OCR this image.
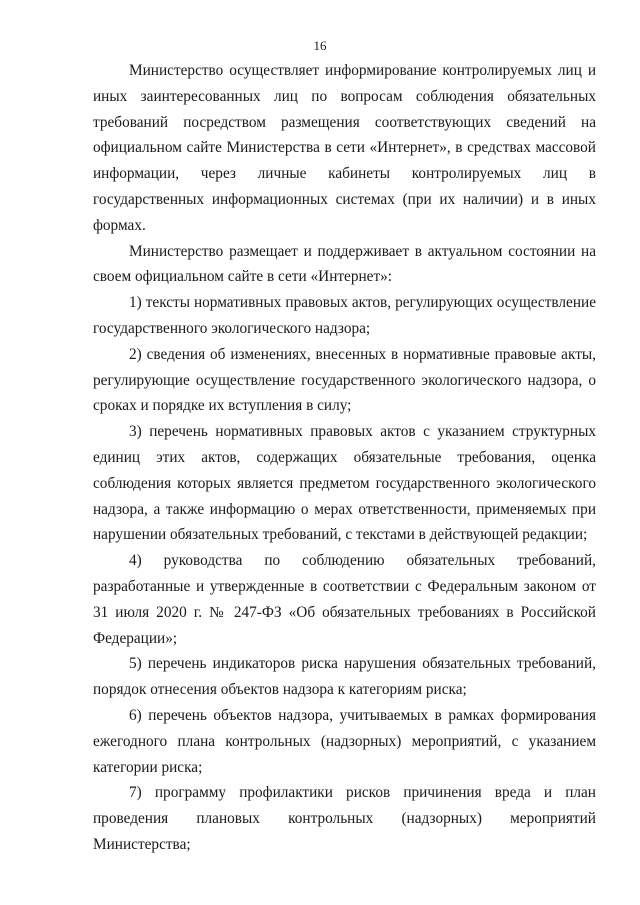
16

Министерство осуществляет информирование контролируемых лиц и иных заинтересованных лиц по вопросам соблюдения обязательных требований посредством размещения соответствующих сведений на официальном сайте Министерства в сети «Интернет», в средствах массовой информации, через личные кабинеты контролируемых лиц в государственных информационных системах (при их наличии) и в иных формах.

Министерство размещает и поддерживает в актуальном состоянии на своем официальном сайте в сети «Интернет»:

1) тексты нормативных правовых актов, регулирующих осуществление государственного экологического надзора;

2) сведения об изменениях, внесенных в нормативные правовые акты, регулирующие осуществление государственного экологического надзора, о сроках и порядке их вступления в силу;

3) перечень нормативных правовых актов с указанием структурных единиц этих актов, содержащих обязательные требования, оценка соблюдения которых является предметом государственного экологического надзора, а также информацию о мерах ответственности, применяемых при нарушении обязательных требований, с текстами в действующей редакции;

4) руководства по соблюдению обязательных требований, разработанные и утвержденные в соответствии с Федеральным законом от 31 июля 2020 г. № 247-ФЗ «Об обязательных требованиях в Российской Федерации»;

5) перечень индикаторов риска нарушения обязательных требований, порядок отнесения объектов надзора к категориям риска;

6) перечень объектов надзора, учитываемых в рамках формирования ежегодного плана контрольных (надзорных) мероприятий, с указанием категории риска;

7) программу профилактики рисков причинения вреда и план проведения плановых контрольных (надзорных) мероприятий Министерства;
